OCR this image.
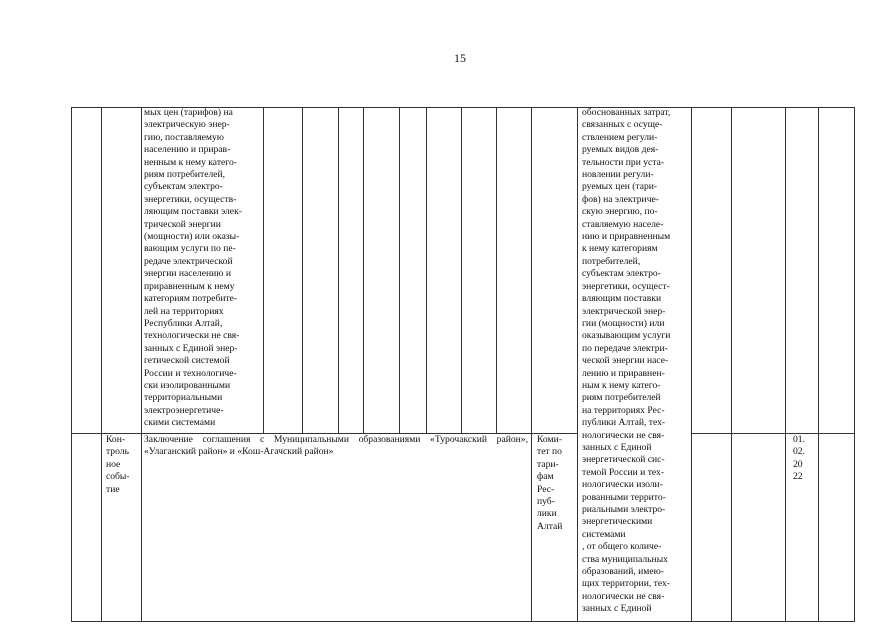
15
мых цен (тарифов) на
электрическую энер-
гию, поставляемую
населению и прирав-
ненным к нему катего-
риям потребителей,
субъектам электро-
энергетики, осуществ-
ляющим поставки элек-
трической энергии
(мощности) или оказы-
вающим услуги по пе-
редаче электрической
энергии населению и
приравненным к нему
категориям потребите-
лей на территориях
Республики Алтай,
технологически не свя-
занных с Единой энер-
гетической системой
России и технологиче-
ски изолированными
территориальными
электроэнергетиче-
скими системами
обоснованных затрат,
связанных с осуще-
ствлением регули-
руемых видов дея-
тельности при уста-
новлении регули-
руемых цен (тари-
фов) на электриче-
скую энергию, по-
ставляемую населе-
нию и приравненным
к нему категориям
потребителей,
субъектам электро-
энергетики, осущест-
вляющим поставки
электрической энер-
гии (мощности) или
оказывающим услуги
по передаче электри-
ческой энергии насе-
лению и приравнен-
ным к нему катего-
риям потребителей
на территориях Рес-
публики Алтай, тех-
нологически не свя-
занных с Единой
энергетической сис-
темой России и тех-
нологически изоли-
рованными террито-
риальными электро-
энергетическими
системами
, от общего количе-
ства муниципальных
образований, имею-
щих территории, тех-
нологически не свя-
занных с Единой
Кон-
троль
ное
собы-
тие
Заключение соглашения с Муниципальными образованиями «Турочакский район», «Улаганский район» и «Кош-Агачский район»
Коми-
тет по
тари-
фам
Рес-
пуб-
лики
Алтай
01.
02.
20
22
